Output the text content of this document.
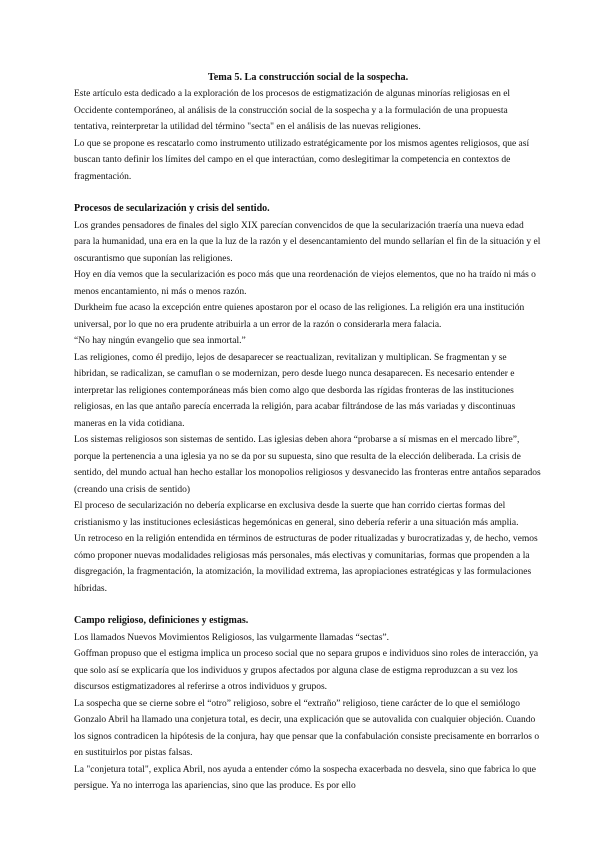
Tema 5. La construcción social de la sospecha.

Este artículo esta dedicado a la exploración de los procesos de estigmatización de algunas minorías religiosas en el Occidente contemporáneo, al análisis de la construcción social de la sospecha y a la formulación de una propuesta tentativa, reinterpretar la utilidad del término "secta" en el análisis de las nuevas religiones.

Lo que se propone es rescatarlo como instrumento utilizado estratégicamente por los mismos agentes religiosos, que así buscan tanto definir los límites del campo en el que interactúan, como deslegitimar la competencia en contextos de fragmentación.

Procesos de secularización y crisis del sentido.

Los grandes pensadores de finales del siglo XIX parecían convencidos de que la secularización traería una nueva edad para la humanidad, una era en la que la luz de la razón y el desencantamiento del mundo sellarían el fin de la situación y el oscurantismo que suponían las religiones.

Hoy en día vemos que la secularización es poco más que una reordenación de viejos elementos, que no ha traído ni más o menos encantamiento, ni más o menos razón.

Durkheim fue acaso la excepción entre quienes apostaron por el ocaso de las religiones. La religión era una institución universal, por lo que no era prudente atribuirla a un error de la razón o considerarla mera falacia.

“No hay ningún evangelio que sea inmortal.”

Las religiones, como él predijo, lejos de desaparecer se reactualizan, revitalizan y multiplican. Se fragmentan y se hibridan, se radicalizan, se camuflan o se modernizan, pero desde luego nunca desaparecen. Es necesario entender e interpretar las religiones contemporáneas más bien como algo que desborda las rígidas fronteras de las instituciones religiosas, en las que antaño parecía encerrada la religión, para acabar filtrándose de las más variadas y discontinuas maneras en la vida cotidiana.

Los sistemas religiosos son sistemas de sentido. Las iglesias deben ahora “probarse a sí mismas en el mercado libre”, porque la pertenencia a una iglesia ya no se da por su supuesta, sino que resulta de la elección deliberada. La crisis de sentido, del mundo actual han hecho estallar los monopolios religiosos y desvanecido las fronteras entre antaños separados (creando una crisis de sentido)

El proceso de secularización no debería explicarse en exclusiva desde la suerte que han corrido ciertas formas del cristianismo y las instituciones eclesiásticas hegemónicas en general, sino debería referir a una situación más amplia.

Un retroceso en la religión entendida en términos de estructuras de poder ritualizadas y burocratizadas y, de hecho, vemos cómo proponer nuevas modalidades religiosas más personales, más electivas y comunitarias, formas que propenden a la disgregación, la fragmentación, la atomización, la movilidad extrema, las apropiaciones estratégicas y las formulaciones híbridas.

Campo religioso, definiciones y estigmas.

Los llamados Nuevos Movimientos Religiosos, las vulgarmente llamadas “sectas”.

Goffman propuso que el estigma implica un proceso social que no separa grupos e individuos sino roles de interacción, ya que solo así se explicaría que los individuos y grupos afectados por alguna clase de estigma reproduzcan a su vez los discursos estigmatizadores al referirse a otros individuos y grupos.

La sospecha que se cierne sobre el “otro” religioso, sobre el “extraño” religioso, tiene carácter de lo que el semiólogo Gonzalo Abril ha llamado una conjetura total, es decir, una explicación que se autovalida con cualquier objeción. Cuando los signos contradicen la hipótesis de la conjura, hay que pensar que la confabulación consiste precisamente en borrarlos o en sustituirlos por pistas falsas.

La "conjetura total", explica Abril, nos ayuda a entender cómo la sospecha exacerbada no desvela, sino que fabrica lo que persigue. Ya no interroga las apariencias, sino que las produce. Es por ello
